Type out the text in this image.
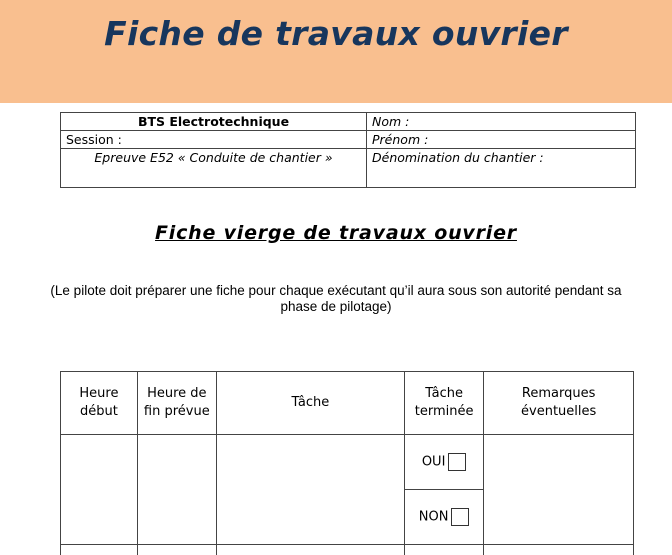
Fiche de travaux ouvrier
BTS Electrotechnique	Nom :
Session :	Prénom :
Epreuve E52 « Conduite de chantier »	Dénomination du chantier :
Fiche vierge de travaux ouvrier
(Le pilote doit préparer une fiche pour chaque exécutant qu’il aura sous son autorité pendant sa phase de pilotage)
Heure début	Heure de fin prévue	Tâche	Tâche terminée	Remarques éventuelles
			OUI	
			NON	
